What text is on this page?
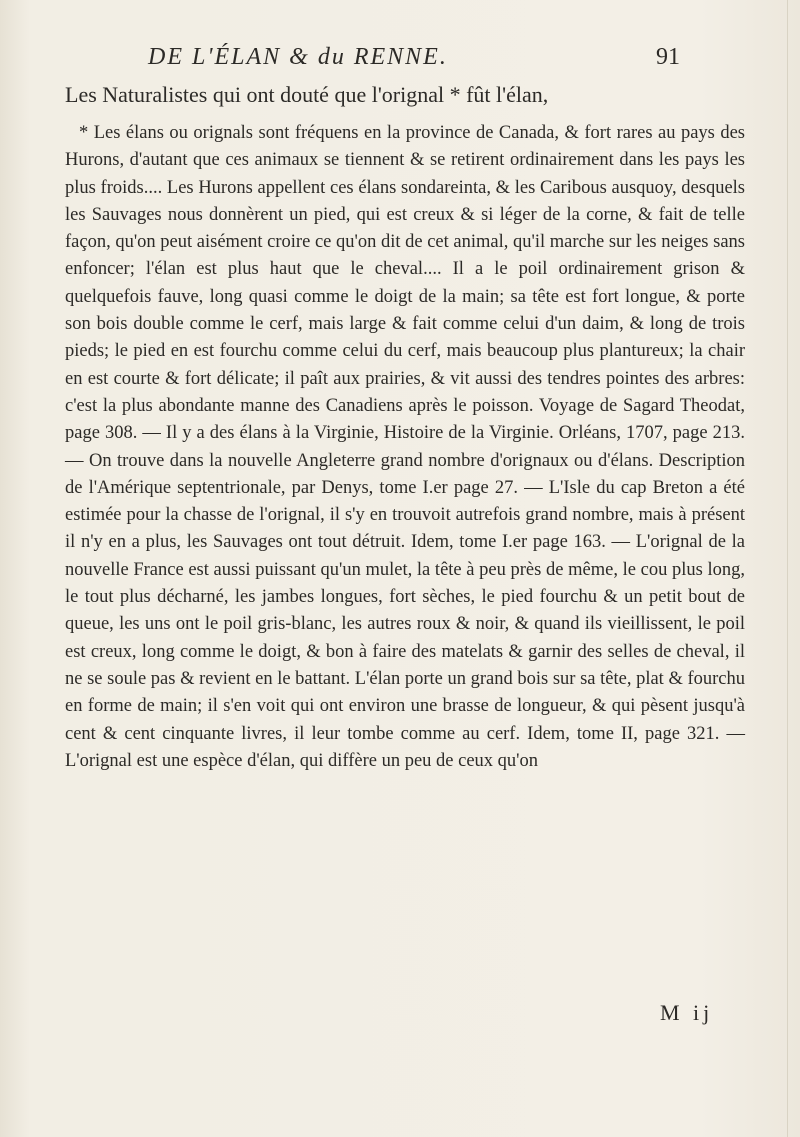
DE L'ÉLAN & du RENNE.	91
Les Naturalistes qui ont douté que l'orignal * fût l'élan,

* Les élans ou orignals sont fréquens en la province de Canada, & fort rares au pays des Hurons, d'autant que ces animaux se tiennent & se retirent ordinairement dans les pays les plus froids.... Les Hurons appellent ces élans sondareinta, & les Caribous ausquoy, desquels les Sauvages nous donnèrent un pied, qui est creux & si léger de la corne, & fait de telle façon, qu'on peut aisément croire ce qu'on dit de cet animal, qu'il marche sur les neiges sans enfoncer; l'élan est plus haut que le cheval.... Il a le poil ordinairement grison & quelquefois fauve, long quasi comme le doigt de la main; sa tête est fort longue, & porte son bois double comme le cerf, mais large & fait comme celui d'un daim, & long de trois pieds; le pied en est fourchu comme celui du cerf, mais beaucoup plus plantureux; la chair en est courte & fort délicate; il paît aux prairies, & vit aussi des tendres pointes des arbres: c'est la plus abondante manne des Canadiens après le poisson. Voyage de Sagard Theodat, page 308. — Il y a des élans à la Virginie, Histoire de la Virginie. Orléans, 1707, page 213. — On trouve dans la nouvelle Angleterre grand nombre d'orignaux ou d'élans. Description de l'Amérique septentrionale, par Denys, tome I.er page 27. — L'Isle du cap Breton a été estimée pour la chasse de l'orignal, il s'y en trouvoit autrefois grand nombre, mais à présent il n'y en a plus, les Sauvages ont tout détruit. Idem, tome I.er page 163. — L'orignal de la nouvelle France est aussi puissant qu'un mulet, la tête à peu près de même, le cou plus long, le tout plus décharné, les jambes longues, fort sèches, le pied fourchu & un petit bout de queue, les uns ont le poil gris-blanc, les autres roux & noir, & quand ils vieillissent, le poil est creux, long comme le doigt, & bon à faire des matelats & garnir des selles de cheval, il ne se soule pas & revient en le battant. L'élan porte un grand bois sur sa tête, plat & fourchu en forme de main; il s'en voit qui ont environ une brasse de longueur, & qui pèsent jusqu'à cent & cent cinquante livres, il leur tombe comme au cerf. Idem, tome II, page 321. — L'orignal est une espèce d'élan, qui diffère un peu de ceux qu'on

M ij
